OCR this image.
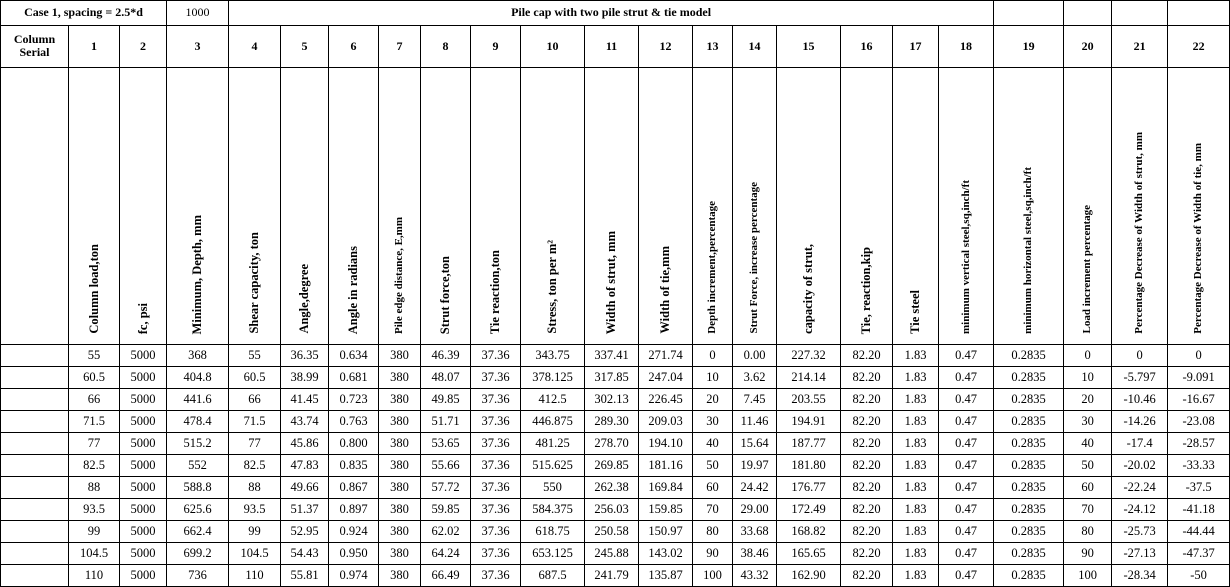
Case 1, spacing = 2.5*d			1000	Pile cap with two pile strut & tie model																		

Column
Serial	1	2	3	4	5	6	7	8	9	10	11	12	13	14	15	16	17	18	19	20	21	22
	Column load,ton	fc, psi	Minimum, Depth, mm	Shear capacity, ton	Angle,degree	Angle in radians	Pile edge distance, E,mm	Strut force,ton	Tie reaction,ton	Stress, ton per m²	Width of strut, mm	Width of tie,mm	Depth increment,percentage	Strut Force, increase percentage	capacity of strut,	Tie, reaction,kip	Tie steel	minimum vertical steel,sq,inch/ft	minimum horizontal steel,sq,inch/ft	Load increment percentage	Percentage Decrease of Width of strut, mm	Percentage Decrease of Width of tie, mm
	55	5000	368	55	36.35	0.634	380	46.39	37.36	343.75	337.41	271.74	0	0.00	227.32	82.20	1.83	0.47	0.2835	0	0	0
	60.5	5000	404.8	60.5	38.99	0.681	380	48.07	37.36	378.125	317.85	247.04	10	3.62	214.14	82.20	1.83	0.47	0.2835	10	-5.797	-9.091
	66	5000	441.6	66	41.45	0.723	380	49.85	37.36	412.5	302.13	226.45	20	7.45	203.55	82.20	1.83	0.47	0.2835	20	-10.46	-16.67
	71.5	5000	478.4	71.5	43.74	0.763	380	51.71	37.36	446.875	289.30	209.03	30	11.46	194.91	82.20	1.83	0.47	0.2835	30	-14.26	-23.08
	77	5000	515.2	77	45.86	0.800	380	53.65	37.36	481.25	278.70	194.10	40	15.64	187.77	82.20	1.83	0.47	0.2835	40	-17.4	-28.57
	82.5	5000	552	82.5	47.83	0.835	380	55.66	37.36	515.625	269.85	181.16	50	19.97	181.80	82.20	1.83	0.47	0.2835	50	-20.02	-33.33
	88	5000	588.8	88	49.66	0.867	380	57.72	37.36	550	262.38	169.84	60	24.42	176.77	82.20	1.83	0.47	0.2835	60	-22.24	-37.5
	93.5	5000	625.6	93.5	51.37	0.897	380	59.85	37.36	584.375	256.03	159.85	70	29.00	172.49	82.20	1.83	0.47	0.2835	70	-24.12	-41.18
	99	5000	662.4	99	52.95	0.924	380	62.02	37.36	618.75	250.58	150.97	80	33.68	168.82	82.20	1.83	0.47	0.2835	80	-25.73	-44.44
	104.5	5000	699.2	104.5	54.43	0.950	380	64.24	37.36	653.125	245.88	143.02	90	38.46	165.65	82.20	1.83	0.47	0.2835	90	-27.13	-47.37
	110	5000	736	110	55.81	0.974	380	66.49	37.36	687.5	241.79	135.87	100	43.32	162.90	82.20	1.83	0.47	0.2835	100	-28.34	-50
